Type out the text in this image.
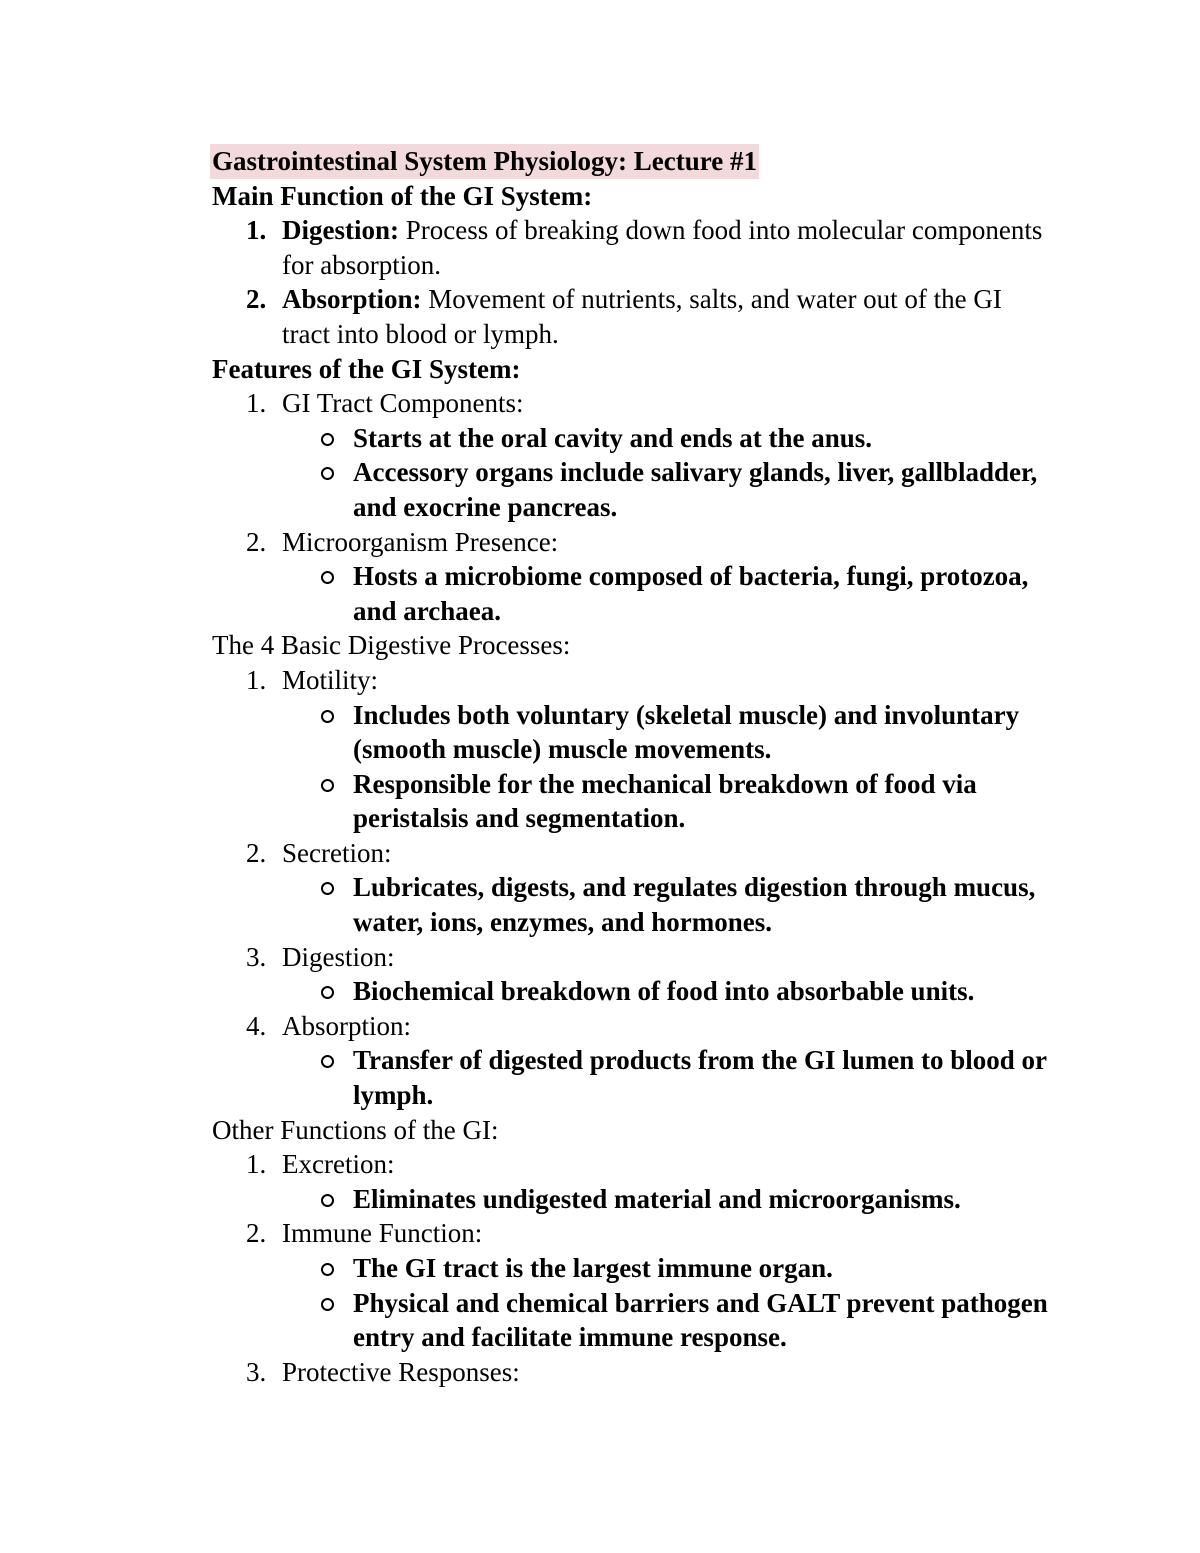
Gastrointestinal System Physiology: Lecture #1
Main Function of the GI System:
1. Digestion: Process of breaking down food into molecular components for absorption.
2. Absorption: Movement of nutrients, salts, and water out of the GI tract into blood or lymph.
Features of the GI System:
1. GI Tract Components:
Starts at the oral cavity and ends at the anus.
Accessory organs include salivary glands, liver, gallbladder, and exocrine pancreas.
2. Microorganism Presence:
Hosts a microbiome composed of bacteria, fungi, protozoa, and archaea.
The 4 Basic Digestive Processes:
1. Motility:
Includes both voluntary (skeletal muscle) and involuntary (smooth muscle) muscle movements.
Responsible for the mechanical breakdown of food via peristalsis and segmentation.
2. Secretion:
Lubricates, digests, and regulates digestion through mucus, water, ions, enzymes, and hormones.
3. Digestion:
Biochemical breakdown of food into absorbable units.
4. Absorption:
Transfer of digested products from the GI lumen to blood or lymph.
Other Functions of the GI:
1. Excretion:
Eliminates undigested material and microorganisms.
2. Immune Function:
The GI tract is the largest immune organ.
Physical and chemical barriers and GALT prevent pathogen entry and facilitate immune response.
3. Protective Responses:
